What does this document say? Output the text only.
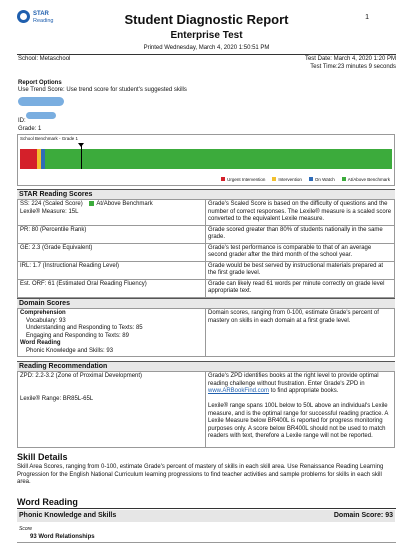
STAR
Reading	1
Student Diagnostic Report
Enterprise Test
Printed Wednesday, March 4, 2020 1:50:51 PM
School: Metaschool	Test Date: March 4, 2020 1:20 PM
Test Time:23 minutes 9 seconds
Report Options
Use Trend Score: Use trend score for student's suggested skills
ID:
Grade: 1
School Benchmark - Grade 1
Urgent Intervention	Intervention	On Watch	At/Above Benchmark
STAR Reading Scores
SS: 224 (Scaled Score) At/Above Benchmark
Lexile® Measure: 15L	Grade's Scaled Score is based on the difficulty of questions and the number of correct responses. The Lexile® measure is a scaled score converted to the equivalent Lexile measure.
PR: 80 (Percentile Rank)	Grade scored greater than 80% of students nationally in the same grade.
GE: 2.3 (Grade Equivalent)	Grade's test performance is comparable to that of an average second grader after the third month of the school year.
IRL: 1.7 (Instructional Reading Level)	Grade would be best served by instructional materials prepared at the first grade level.
Est. ORF: 61 (Estimated Oral Reading Fluency)	Grade can likely read 61 words per minute correctly on grade level appropriate text.
Domain Scores
Comprehension
Vocabulary: 93
Understanding and Responding to Texts: 85
Engaging and Responding to Texts: 89
Word Reading
Phonic Knowledge and Skills: 93
	Domain scores, ranging from 0-100, estimate Grade's percent of mastery on skills in each domain at a first grade level.
Reading Recommendation
ZPD: 2.2-3.2 (Zone of Proximal Development)

Lexile® Range: BR85L-65L	Grade's ZPD identifies books at the right level to provide optimal reading challenge without frustration. Enter Grade's ZPD in www.ARBookFind.com to find appropriate books.

Lexile® range spans 100L below to 50L above an individual's Lexile measure, and is the optimal range for successful reading practice. A Lexile Measure below BR400L is reported for progress monitoring purposes only. A score below BR400L should not be used to match readers with text, therefore a Lexile range will not be reported.
Skill Details
Skill Area Scores, ranging from 0-100, estimate Grade's percent of mastery of skills in each skill area. Use Renaissance Reading Learning Progression for the English National Curriculum learning progressions to find teacher activities and sample problems for skills in each skill area.
Word Reading
Phonic Knowledge and Skills	Domain Score: 93
Score
93 Word Relationships
